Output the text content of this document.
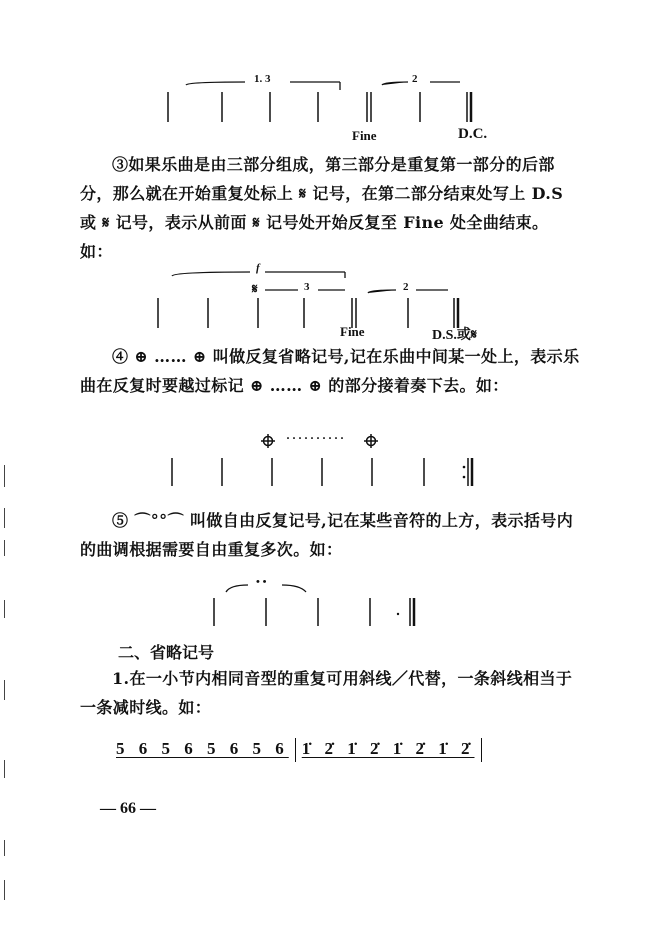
1. 3	2
Fine	D.C.
③如果乐曲是由三部分组成，第三部分是重复第一部分的后部分，那么就在开始重复处标上 𝄋 记号，在第二部分结束处写上 D.S 或 𝄋 记号，表示从前面 𝄋 记号处开始反复至 Fine 处全曲结束。如：
f
𝄋	3	2
Fine	D.S.或𝄋
④ ⊕ …… ⊕ 叫做反复省略记号,记在乐曲中间某一处上，表示乐曲在反复时要越过标记 ⊕ …… ⊕ 的部分接着奏下去。如：
··········
⑤ ⌒°°⌒ 叫做自由反复记号,记在某些音符的上方，表示括号内的曲调根据需要自由重复多次。如：
• •
二、省略记号
1.在一小节内相同音型的重复可用斜线／代替，一条斜线相当于一条减时线。如：
5 6 5 6 5 6 5 6 1̇ 2̇ 1̇ 2̇ 1̇ 2̇ 1̇ 2̇
— 66 —
